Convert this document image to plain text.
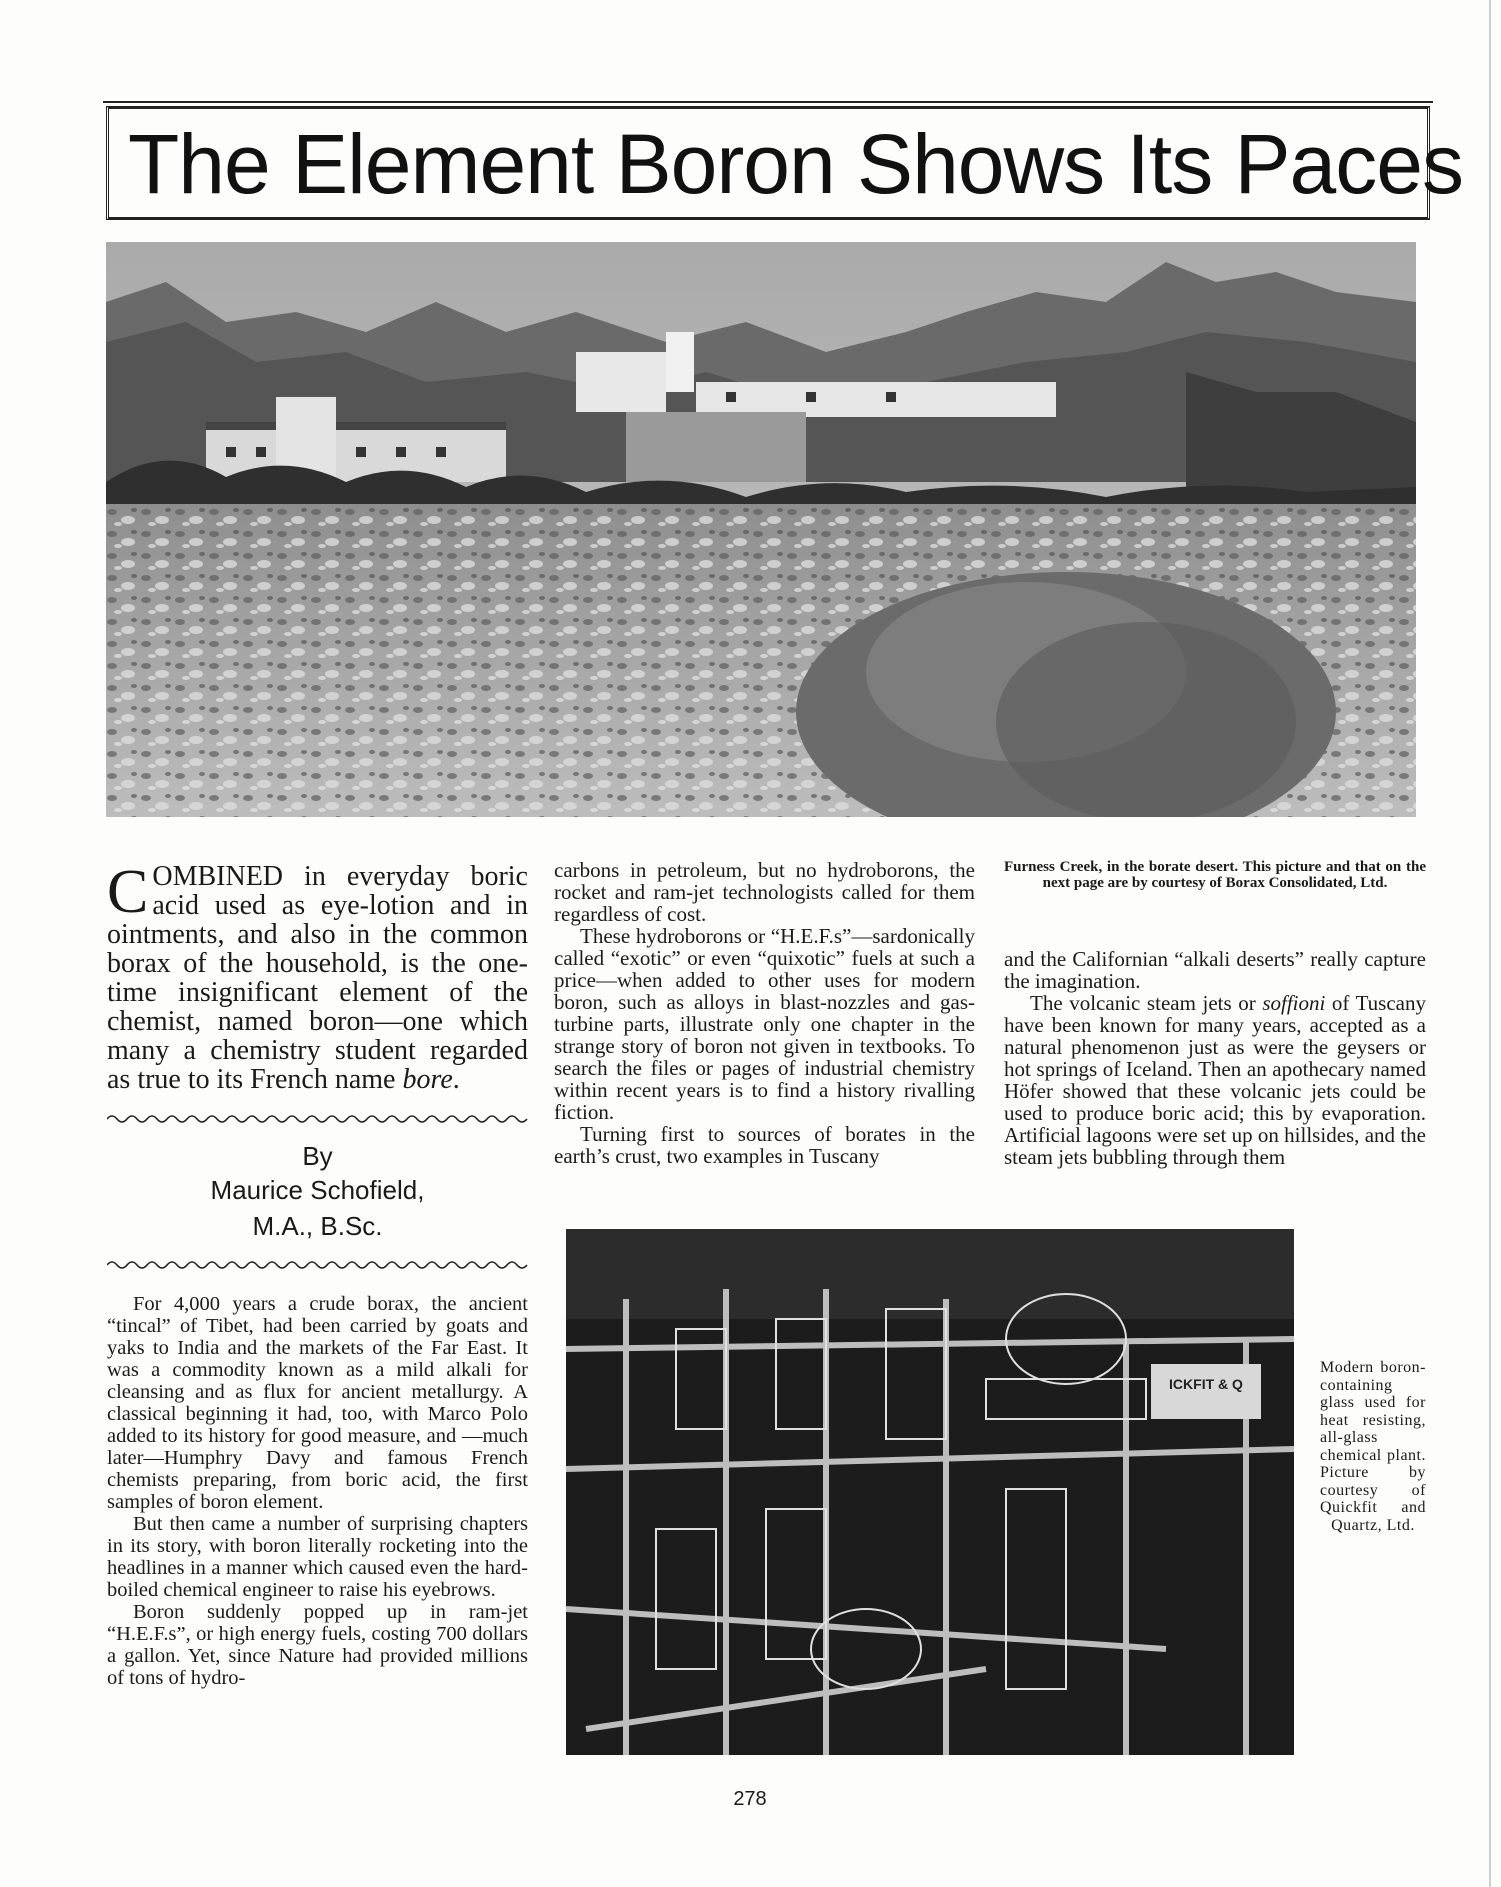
The Element Boron Shows Its Paces
COMBINED in everyday boric acid used as eye-lotion and in ointments, and also in the common borax of the household, is the one-time insignificant element of the chemist, named boron—one which many a chemistry student regarded as true to its French name bore.
By
Maurice Schofield,
M.A., B.Sc.

For 4,000 years a crude borax, the ancient “tincal” of Tibet, had been carried by goats and yaks to India and the markets of the Far East. It was a commodity known as a mild alkali for cleansing and as flux for ancient metallurgy. A classical beginning it had, too, with Marco Polo added to its history for good measure, and —much later—Humphry Davy and famous French chemists preparing, from boric acid, the first samples of boron element.

But then came a number of surprising chapters in its story, with boron literally rocketing into the headlines in a manner which caused even the hard-boiled chemical engineer to raise his eyebrows.

Boron suddenly popped up in ram-jet “H.E.F.s”, or high energy fuels, costing 700 dollars a gallon. Yet, since Nature had provided millions of tons of hydro-

carbons in petroleum, but no hydroborons, the rocket and ram-jet technologists called for them regardless of cost.

These hydroborons or “H.E.F.s”—sardonically called “exotic” or even “quixotic” fuels at such a price—when added to other uses for modern boron, such as alloys in blast-nozzles and gas-turbine parts, illustrate only one chapter in the strange story of boron not given in textbooks. To search the files or pages of industrial chemistry within recent years is to find a history rivalling fiction.

Turning first to sources of borates in the earth’s crust, two examples in Tuscany

Furness Creek, in the borate desert. This picture and that on the next page are by courtesy of Borax Consolidated, Ltd.

and the Californian “alkali deserts” really capture the imagination.

The volcanic steam jets or soffioni of Tuscany have been known for many years, accepted as a natural phenomenon just as were the geysers or hot springs of Iceland. Then an apothecary named Höfer showed that these volcanic jets could be used to produce boric acid; this by evaporation. Artificial lagoons were set up on hillsides, and the steam jets bubbling through them

ICKFIT & Q
Modern boron-containing glass used for heat resisting, all-glass chemical plant. Picture by courtesy of Quickfit and Quartz, Ltd.
278
